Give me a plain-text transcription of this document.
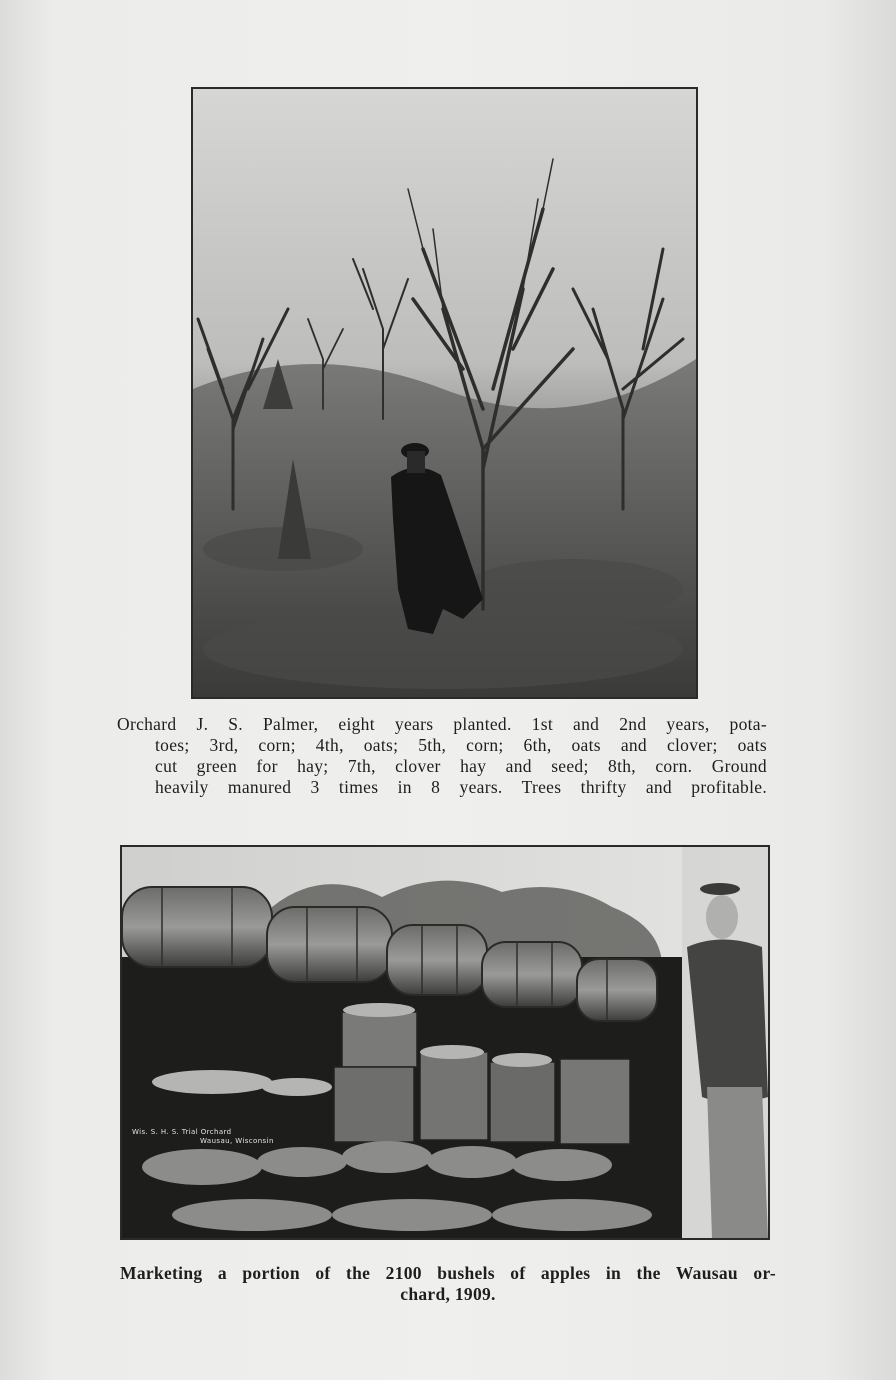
Orchard J. S. Palmer, eight years planted. 1st and 2nd years, pota-
toes; 3rd, corn; 4th, oats; 5th, corn; 6th, oats and clover; oats
cut green for hay; 7th, clover hay and seed; 8th, corn. Ground
heavily manured 3 times in 8 years. Trees thrifty and profitable.
Wis. S. H. S. Trial Orchard
Wausau, Wisconsin
Marketing a portion of the 2100 bushels of apples in the Wausau or-
chard, 1909.
